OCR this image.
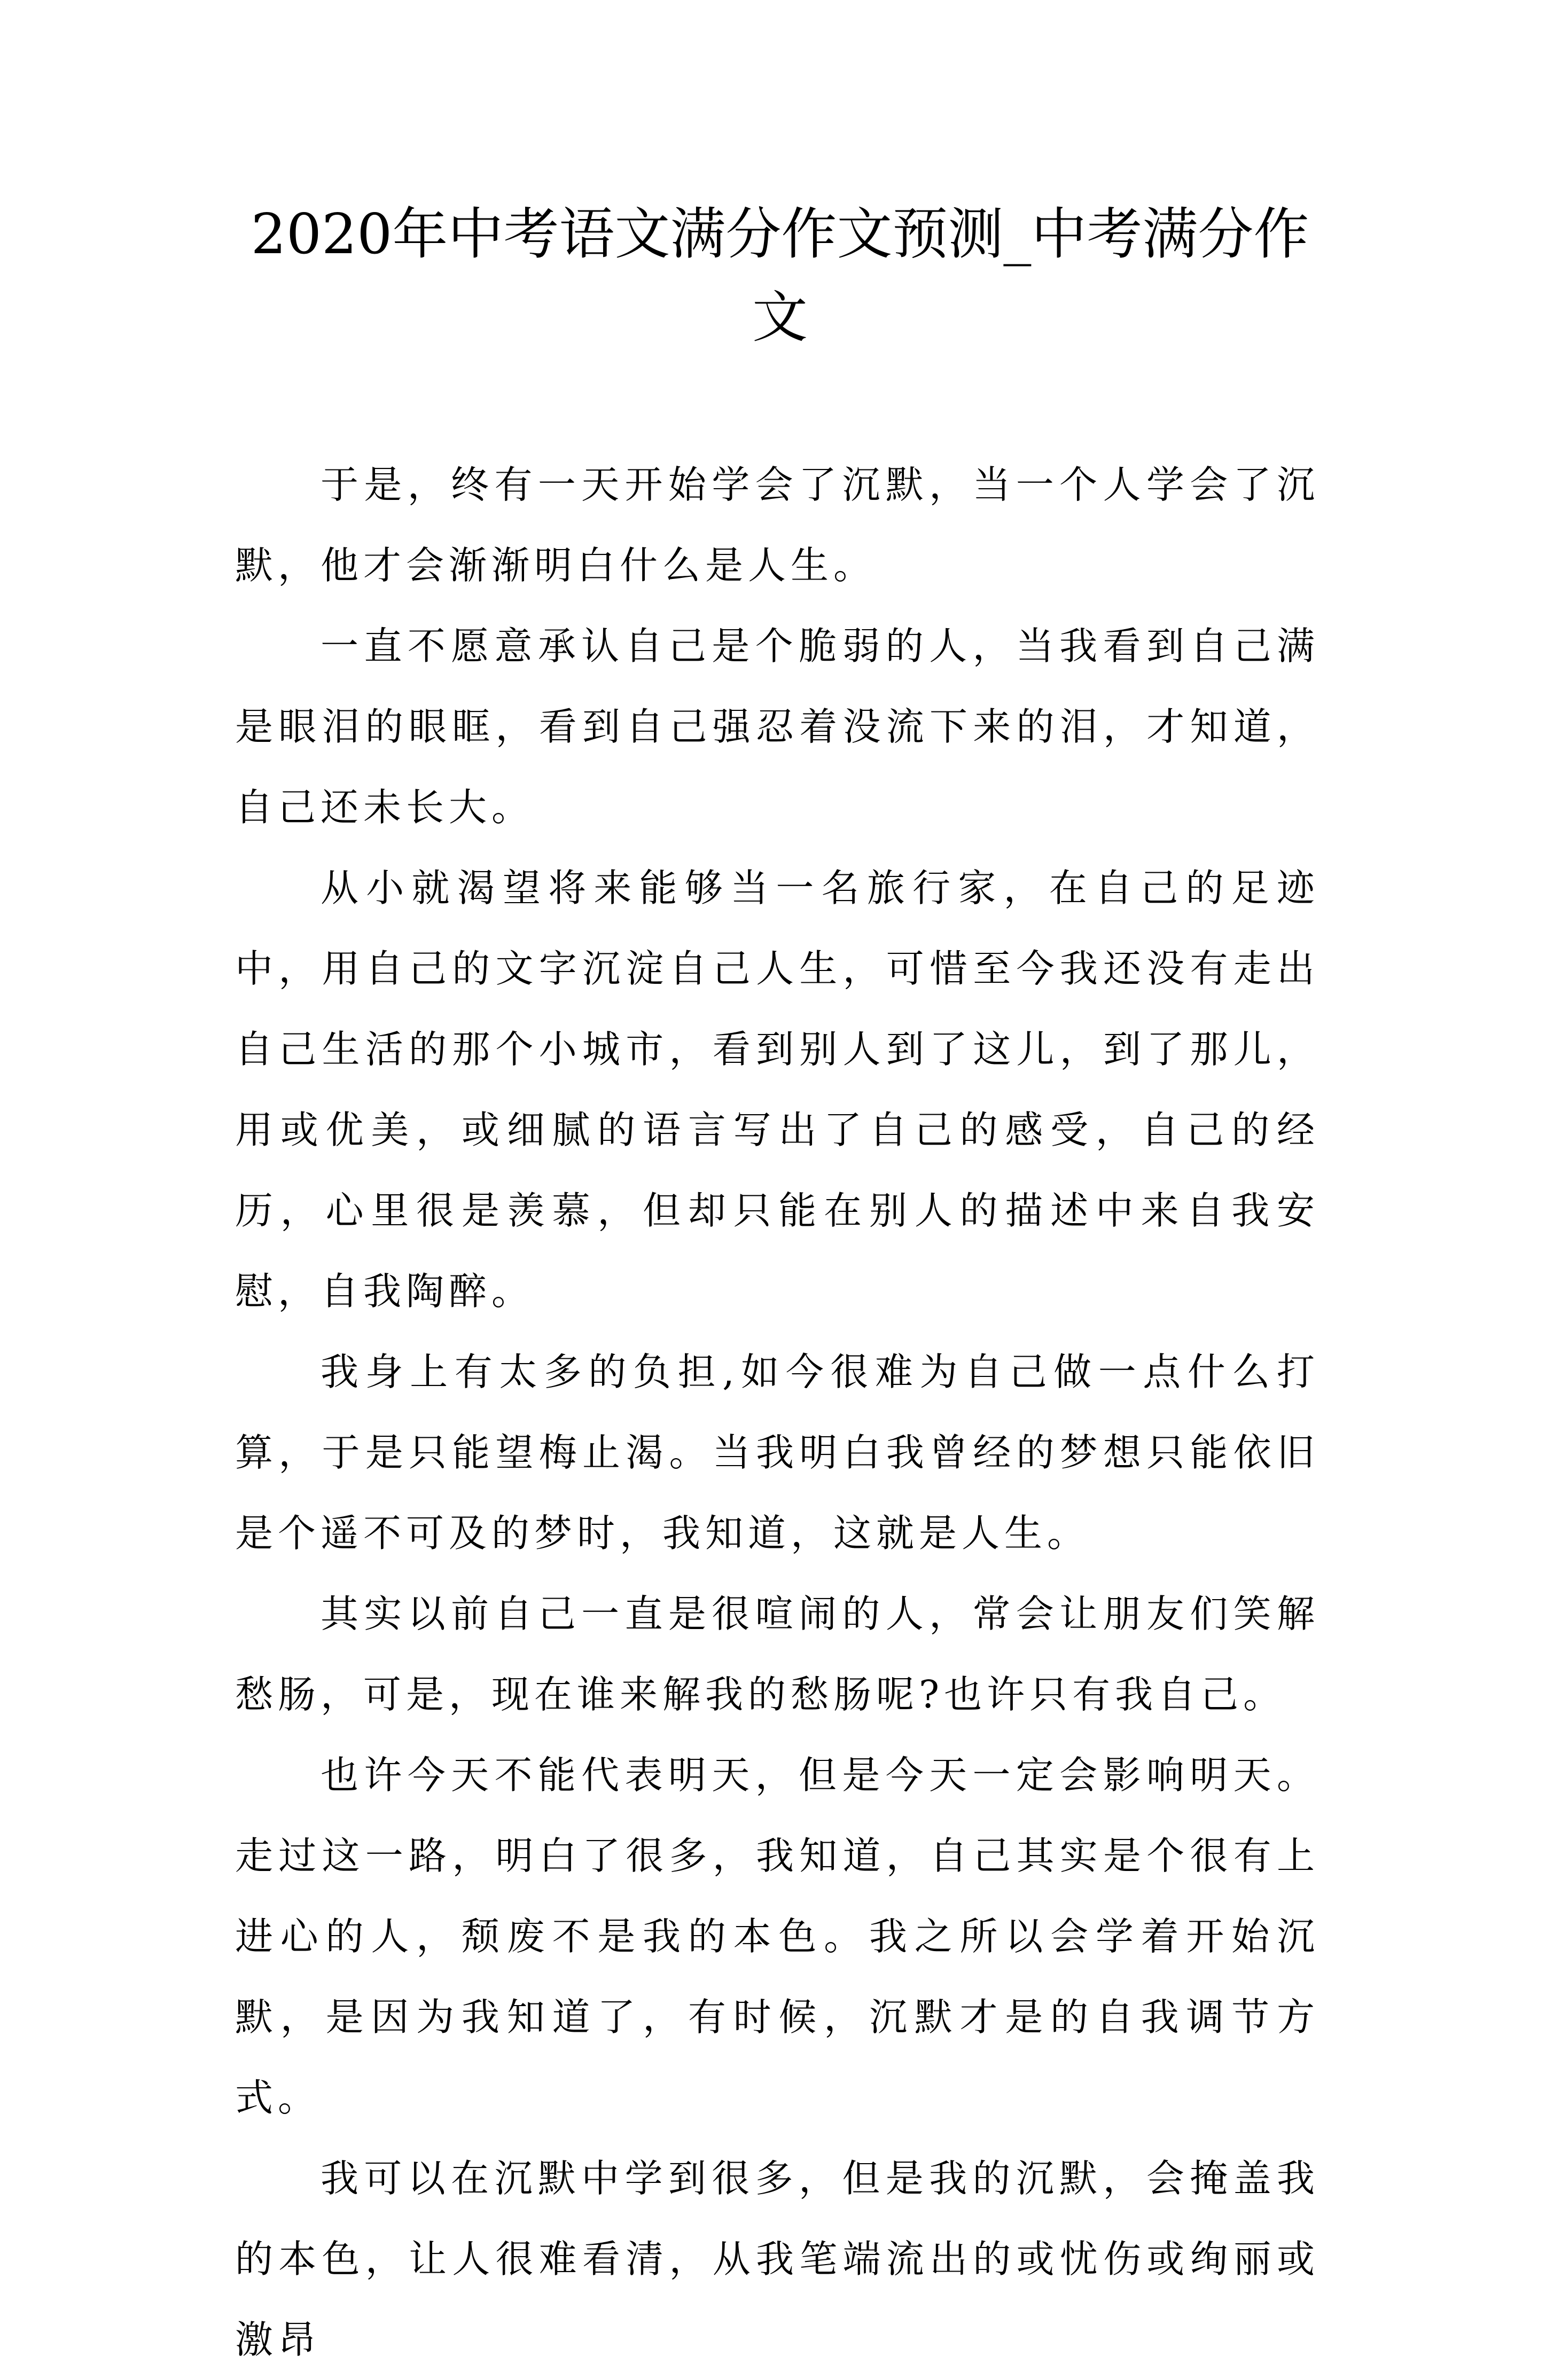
2020年中考语文满分作文预测_中考满分作文

于是，终有一天开始学会了沉默，当一个人学会了沉默，他才会渐渐明白什么是人生。

一直不愿意承认自己是个脆弱的人，当我看到自己满是眼泪的眼眶，看到自己强忍着没流下来的泪，才知道，自己还未长大。

从小就渴望将来能够当一名旅行家，在自己的足迹中，用自己的文字沉淀自己人生，可惜至今我还没有走出自己生活的那个小城市，看到别人到了这儿，到了那儿，用或优美，或细腻的语言写出了自己的感受，自己的经历，心里很是羡慕，但却只能在别人的描述中来自我安慰，自我陶醉。

我身上有太多的负担,如今很难为自己做一点什么打算，于是只能望梅止渴。当我明白我曾经的梦想只能依旧是个遥不可及的梦时，我知道，这就是人生。

其实以前自己一直是很喧闹的人，常会让朋友们笑解愁肠，可是，现在谁来解我的愁肠呢?也许只有我自己。

也许今天不能代表明天，但是今天一定会影响明天。走过这一路，明白了很多，我知道，自己其实是个很有上进心的人，颓废不是我的本色。我之所以会学着开始沉默，是因为我知道了，有时候，沉默才是的自我调节方式。

我可以在沉默中学到很多，但是我的沉默，会掩盖我的本色，让人很难看清，从我笔端流出的或忧伤或绚丽或激昂
